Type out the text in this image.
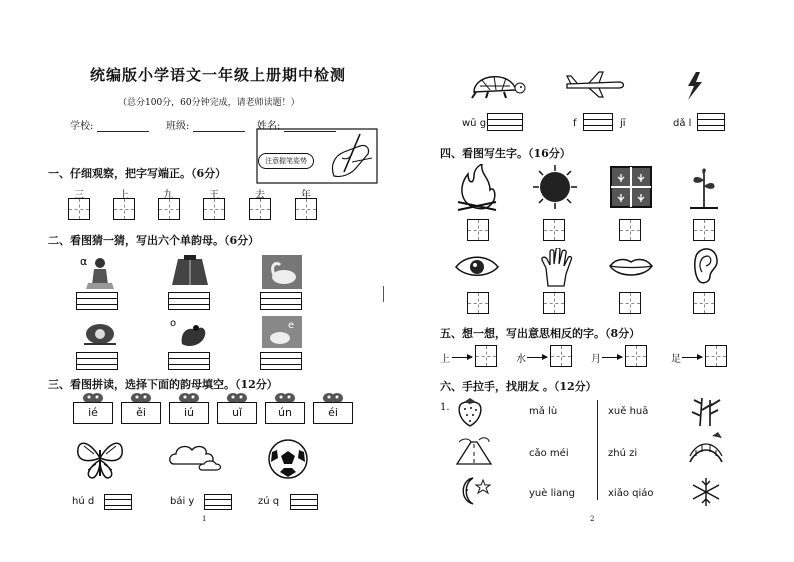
统编版小学语文一年级上册期中检测
（总分100分，60分钟完成，请老师读题！）
学校:	班级:	姓名:
注意握笔姿势
一、仔细观察，把字写端正。（6分）
三	上	九	王	去	年
二、看图猜一猜，写出六个单韵母。（6分）
α
o	e
三、看图拼读，选择下面的韵母填空。（12分）
ié	ěi	iú	uǐ	ún	éi
hú d	bái y	zú q
1
wū g	f	jī	dǎ l
四、看图写生字。（16分）
五、想一想，写出意思相反的字。（8分）
上	水	月	足
六、手拉手，找朋友 。（12分）
1.	mǎ lù
cǎo méi
yuè liang
xuě huā
zhú zi
xiǎo qiáo
2
